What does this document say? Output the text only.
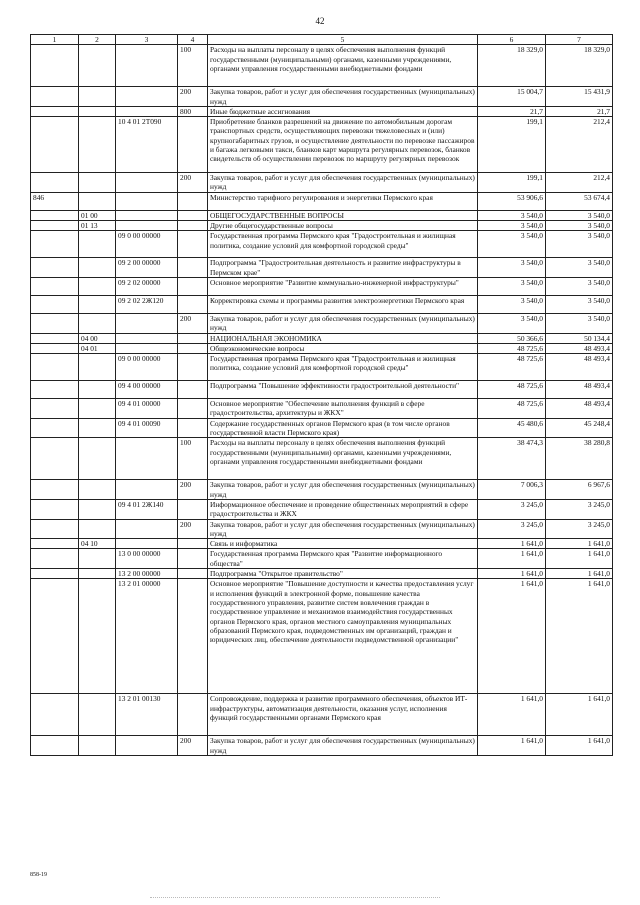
42
1	2	3	4	5	6	7
			100	Расходы на выплаты персоналу в целях обеспечения выполнения функций государственными (муниципальными) органами, казенными учреждениями, органами управления государственными внебюджетными фондами	18 329,0	18 329,0
			200	Закупка товаров, работ и услуг для обеспечения государственных (муниципальных) нужд	15 004,7	15 431,9
			800	Иные бюджетные ассигнования	21,7	21,7
		10 4 01 2Т090		Приобретение бланков разрешений на движение по автомобильным дорогам транспортных средств, осуществляющих перевозки тяжеловесных и (или) крупногабаритных грузов, и осуществление деятельности по перевозке пассажиров и багажа легковыми такси, бланков карт маршрута регулярных перевозок, бланков свидетельств об осуществлении перевозок по маршруту регулярных перевозок	199,1	212,4
			200	Закупка товаров, работ и услуг для обеспечения государственных (муниципальных) нужд	199,1	212,4
846				Министерство тарифного регулирования и энергетики Пермского края	53 906,6	53 674,4
	01 00			ОБЩЕГОСУДАРСТВЕННЫЕ ВОПРОСЫ	3 540,0	3 540,0
	01 13			Другие общегосударственные вопросы	3 540,0	3 540,0
		09 0 00 00000		Государственная программа Пермского края "Градостроительная и жилищная политика, создание условий для комфортной городской среды"	3 540,0	3 540,0
		09 2 00 00000		Подпрограмма "Градостроительная деятельность и развитие инфраструктуры в Пермском крае"	3 540,0	3 540,0
		09 2 02 00000		Основное мероприятие "Развитие коммунально-инженерной инфраструктуры"	3 540,0	3 540,0
		09 2 02 2Ж120		Корректировка схемы и программы развития электроэнергетики Пермского края	3 540,0	3 540,0
			200	Закупка товаров, работ и услуг для обеспечения государственных (муниципальных) нужд	3 540,0	3 540,0
	04 00			НАЦИОНАЛЬНАЯ ЭКОНОМИКА	50 366,6	50 134,4
	04 01			Общеэкономические вопросы	48 725,6	48 493,4
		09 0 00 00000		Государственная программа Пермского края "Градостроительная и жилищная политика, создание условий для комфортной городской среды"	48 725,6	48 493,4
		09 4 00 00000		Подпрограмма "Повышение эффективности градостроительной деятельности"	48 725,6	48 493,4
		09 4 01 00000		Основное мероприятие "Обеспечение выполнения функций в сфере градостроительства, архитектуры и ЖКХ"	48 725,6	48 493,4
		09 4 01 00090		Содержание государственных органов Пермского края (в том числе органов государственной власти Пермского края)	45 480,6	45 248,4
			100	Расходы на выплаты персоналу в целях обеспечения выполнения функций государственными (муниципальными) органами, казенными учреждениями, органами управления государственными внебюджетными фондами	38 474,3	38 280,8
			200	Закупка товаров, работ и услуг для обеспечения государственных (муниципальных) нужд	7 006,3	6 967,6
		09 4 01 2Ж140		Информационное обеспечение и проведение общественных мероприятий в сфере градостроительства и ЖКХ	3 245,0	3 245,0
			200	Закупка товаров, работ и услуг для обеспечения государственных (муниципальных) нужд	3 245,0	3 245,0
	04 10			Связь и информатика	1 641,0	1 641,0
		13 0 00 00000		Государственная программа Пермского края "Развитие информационного общества"	1 641,0	1 641,0
		13 2 00 00000		Подпрограмма "Открытое правительство"	1 641,0	1 641,0
		13 2 01 00000		Основное мероприятие "Повышение доступности и качества предоставления услуг и исполнения функций в электронной форме, повышение качества государственного управления, развитие систем вовлечения граждан в государственное управление и механизмов взаимодействия государственных органов Пермского края, органов местного самоуправления муниципальных образований Пермского края, подведомственных им организаций, граждан и юридических лиц, обеспечение деятельности подведомственной организации"	1 641,0	1 641,0
		13 2 01 00130		Сопровождение, поддержка и развитие программного обеспечения, объектов ИТ-инфраструктуры, автоматизация деятельности, оказания услуг, исполнения функций государственными органами Пермского края	1 641,0	1 641,0
			200	Закупка товаров, работ и услуг для обеспечения государственных (муниципальных) нужд	1 641,0	1 641,0
858-19
